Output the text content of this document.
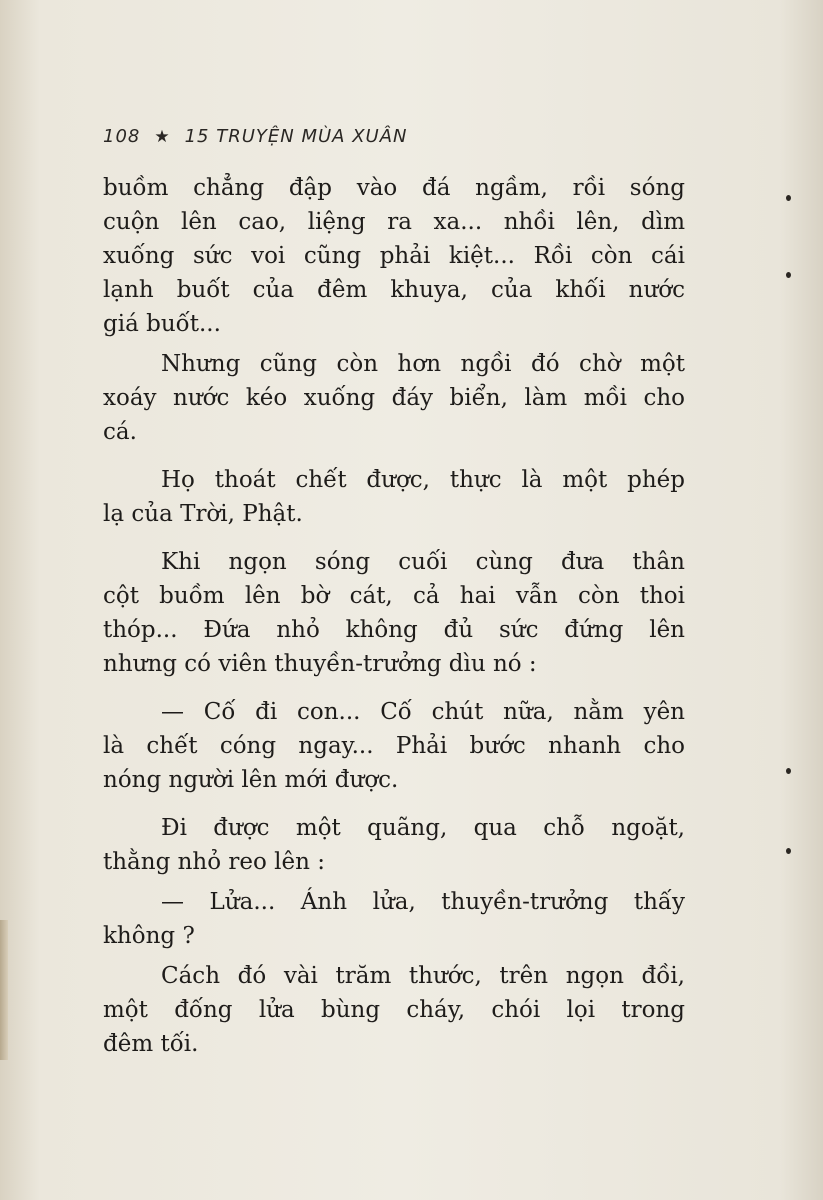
108 ★ 15 TRUYỆN MÙA XUÂN
buồm chẳng đập vào đá ngầm, rồi sóng
cuộn lên cao, liệng ra xa... nhồi lên, dìm
xuống sức voi cũng phải kiệt... Rồi còn cái
lạnh buốt của đêm khuya, của khối nước
giá buốt...
Nhưng cũng còn hơn ngồi đó chờ một
xoáy nước kéo xuống đáy biển, làm mồi cho
cá.
Họ thoát chết được, thực là một phép
lạ của Trời, Phật.
Khi ngọn sóng cuối cùng đưa thân
cột buồm lên bờ cát, cả hai vẫn còn thoi
thóp... Đứa nhỏ không đủ sức đứng lên
nhưng có viên thuyền-trưởng dìu nó :
— Cố đi con... Cố chút nữa, nằm yên
là chết cóng ngay... Phải bước nhanh cho
nóng người lên mới được.
Đi được một quãng, qua chỗ ngoặt,
thằng nhỏ reo lên :
— Lửa... Ánh lửa, thuyền-trưởng thấy
không ?
Cách đó vài trăm thước, trên ngọn đồi,
một đống lửa bùng cháy, chói lọi trong
đêm tối.
